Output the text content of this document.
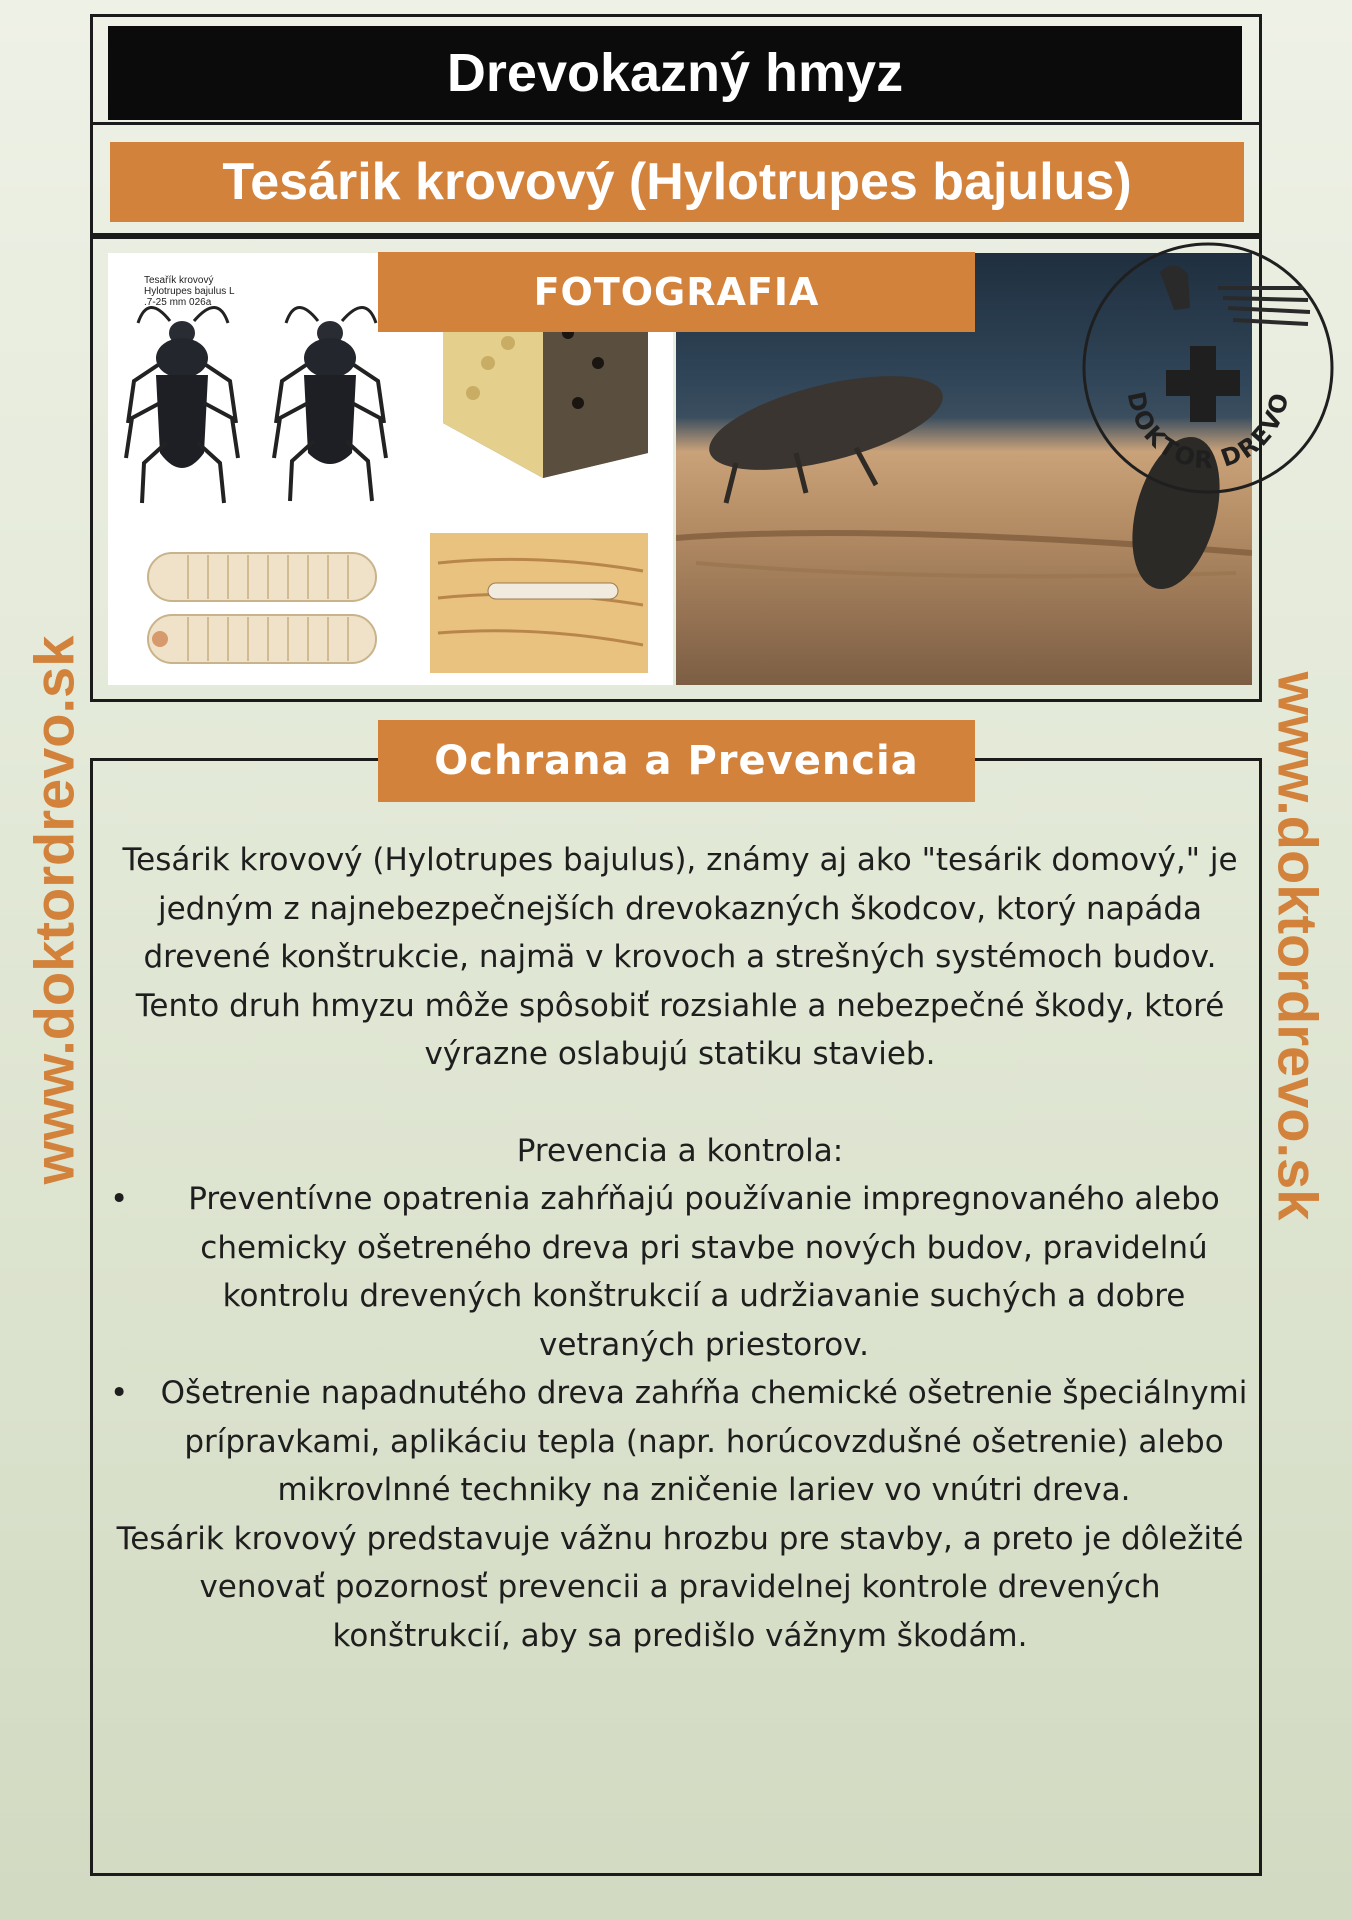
Drevokazný hmyz
Tesárik krovový (Hylotrupes bajulus)
www.doktordrevo.sk	www.doktordrevo.sk
Tesařík krovový
Hylotrupes bajulus L
.7-25 mm 026a	FOTOGRAFIA
DOKTOR DREVO
Ochrana a Prevencia

Tesárik krovový (Hylotrupes bajulus), známy aj ako "tesárik domový," je jedným z najnebezpečnejších drevokazných škodcov, ktorý napáda drevené konštrukcie, najmä v krovoch a strešných systémoch budov. Tento druh hmyzu môže spôsobiť rozsiahle a nebezpečné škody, ktoré výrazne oslabujú statiku stavieb.

Prevencia a kontrola:

• Preventívne opatrenia zahŕňajú používanie impregnovaného alebo chemicky ošetreného dreva pri stavbe nových budov, pravidelnú kontrolu drevených konštrukcií a udržiavanie suchých a dobre vetraných priestorov.
• Ošetrenie napadnutého dreva zahŕňa chemické ošetrenie špeciálnymi prípravkami, aplikáciu tepla (napr. horúcovzdušné ošetrenie) alebo mikrovlnné techniky na zničenie lariev vo vnútri dreva.

Tesárik krovový predstavuje vážnu hrozbu pre stavby, a preto je dôležité venovať pozornosť prevencii a pravidelnej kontrole drevených konštrukcií, aby sa predišlo vážnym škodám.
